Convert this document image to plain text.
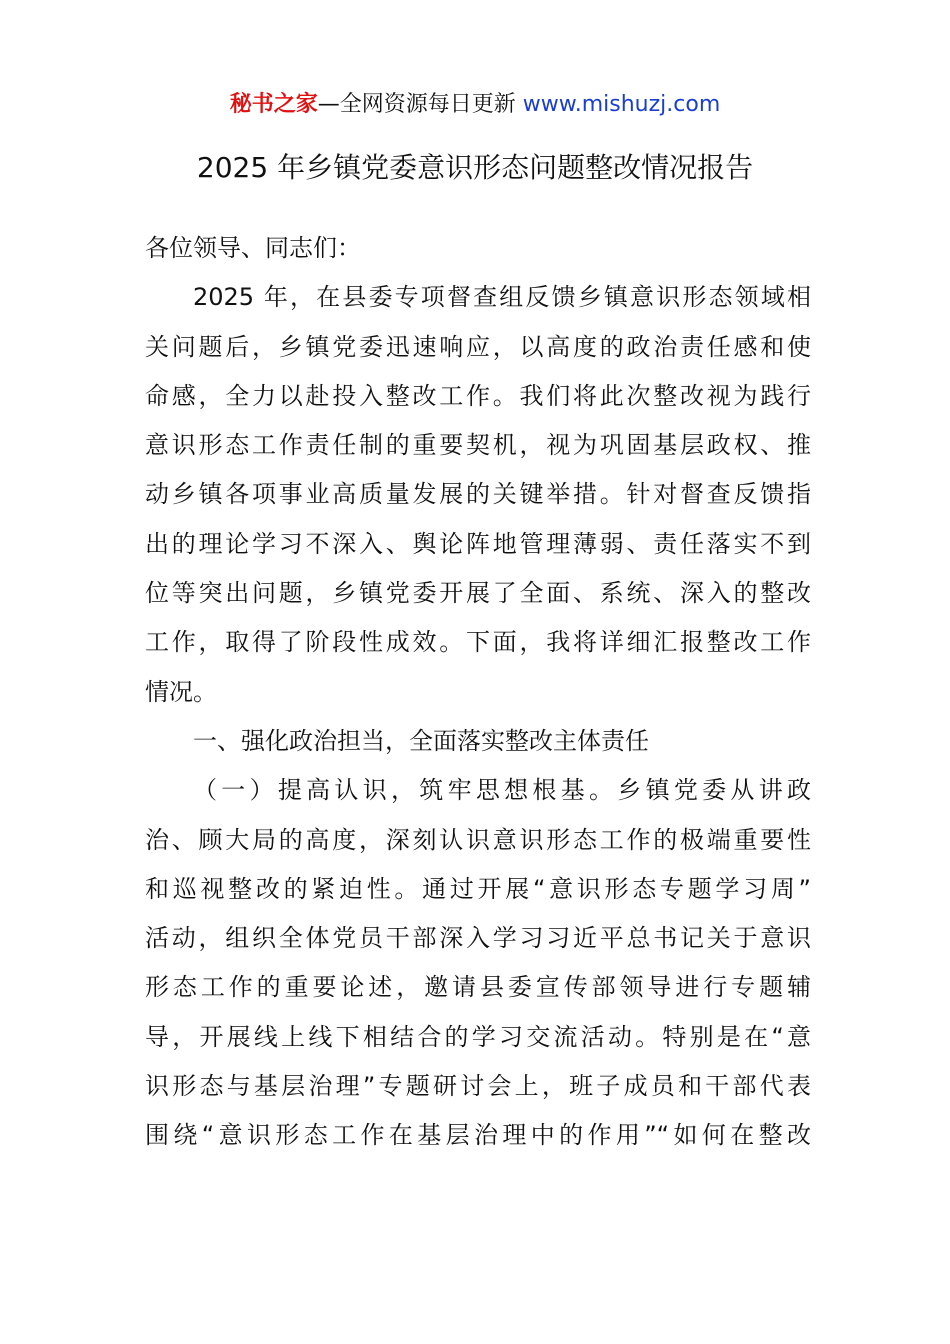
秘书之家—全网资源每日更新 www.mishuzj.com
2025 年乡镇党委意识形态问题整改情况报告
各位领导、同志们：
2025 年，在县委专项督查组反馈乡镇意识形态领域相
关问题后，乡镇党委迅速响应，以高度的政治责任感和使
命感，全力以赴投入整改工作。我们将此次整改视为践行
意识形态工作责任制的重要契机，视为巩固基层政权、推
动乡镇各项事业高质量发展的关键举措。针对督查反馈指
出的理论学习不深入、舆论阵地管理薄弱、责任落实不到
位等突出问题，乡镇党委开展了全面、系统、深入的整改
工作，取得了阶段性成效。下面，我将详细汇报整改工作
情况。
一、强化政治担当，全面落实整改主体责任
（一）提高认识，筑牢思想根基。乡镇党委从讲政
治、顾大局的高度，深刻认识意识形态工作的极端重要性
和巡视整改的紧迫性。通过开展“意识形态专题学习周”
活动，组织全体党员干部深入学习习近平总书记关于意识
形态工作的重要论述，邀请县委宣传部领导进行专题辅
导，开展线上线下相结合的学习交流活动。特别是在“意
识形态与基层治理”专题研讨会上，班子成员和干部代表
围绕“意识形态工作在基层治理中的作用”“如何在整改
